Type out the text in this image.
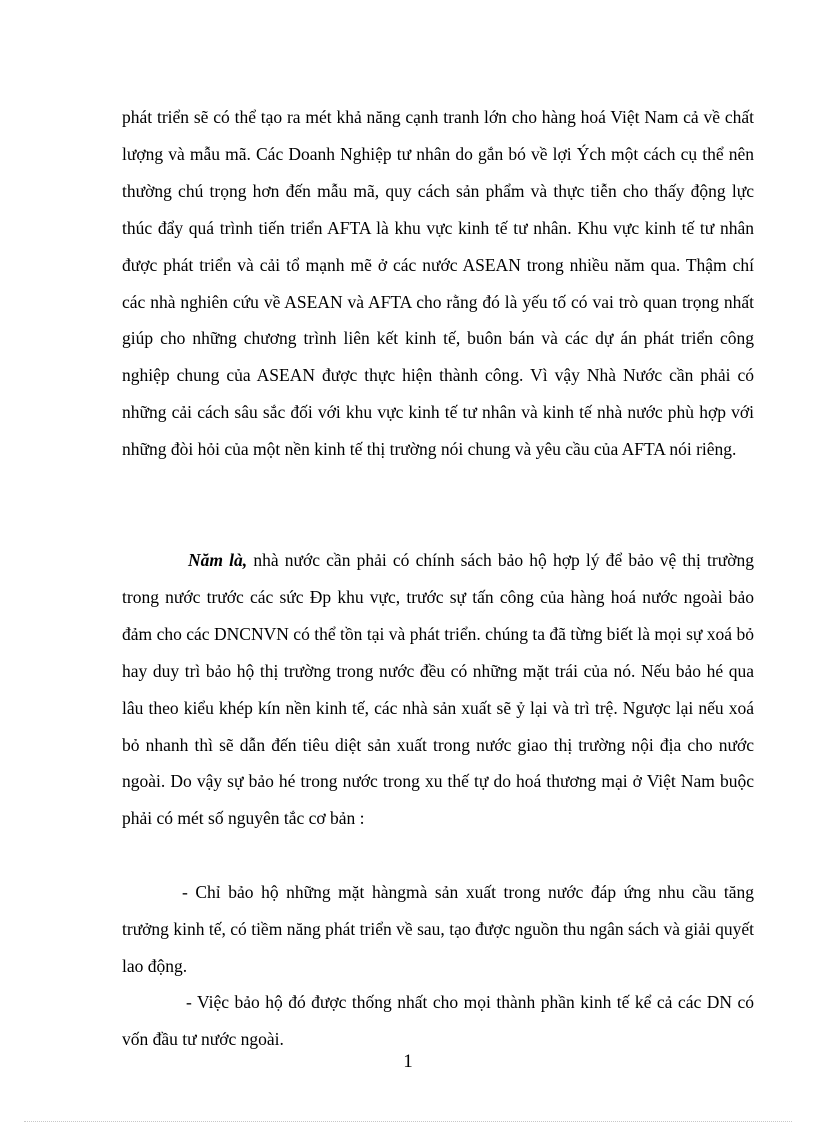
phát triển sẽ có thể tạo ra mét khả năng cạnh tranh lớn cho hàng hoá Việt Nam cả về chất lượng và mẫu mã. Các Doanh Nghiệp tư nhân do gắn bó về lợi Ých một cách cụ thể nên thường chú trọng hơn đến mẫu mã, quy cách sản phẩm và thực tiễn cho thấy động lực thúc đẩy quá trình tiến triển AFTA là khu vực kinh tế tư nhân. Khu vực kinh tế tư nhân được phát triển và cải tổ mạnh mẽ ở các nước ASEAN trong nhiều năm qua. Thậm chí các nhà nghiên cứu về ASEAN và AFTA cho rằng đó là yếu tố có vai trò quan trọng nhất giúp cho những chương trình liên kết kinh tế, buôn bán và các dự án phát triển công nghiệp chung của ASEAN được thực hiện thành công. Vì vậy Nhà Nước cần phải có những cải cách sâu sắc đối với khu vực kinh tế tư nhân và kinh tế nhà nước phù hợp với những đòi hỏi của một nền kinh tế thị trường nói chung và yêu cầu của AFTA nói riêng.

Năm là, nhà nước cần phải có chính sách bảo hộ hợp lý để bảo vệ thị trường trong nước trước các sức Ðp khu vực, trước sự tấn công của hàng hoá nước ngoài bảo đảm cho các DNCNVN có thể tồn tại và phát triển. chúng ta đã từng biết là mọi sự xoá bỏ hay duy trì bảo hộ thị trường trong nước đều có những mặt trái của nó. Nếu bảo hé qua lâu theo kiểu khép kín nền kinh tế, các nhà sản xuất sẽ ỷ lại và trì trệ. Ngược lại nếu xoá bỏ nhanh thì sẽ dẫn đến tiêu diệt sản xuất trong nước giao thị trường nội địa cho nước ngoài. Do vậy sự bảo hé trong nước trong xu thế tự do hoá thương mại ở Việt Nam buộc phải có mét số nguyên tắc cơ bản :

- Chỉ bảo hộ những mặt hàngmà sản xuất trong nước đáp ứng nhu cầu tăng trưởng kinh tế, có tiềm năng phát triển về sau, tạo được nguồn thu ngân sách và giải quyết lao động.

- Việc bảo hộ đó được thống nhất cho mọi thành phần kinh tế kể cả các DN có vốn đầu tư nước ngoài.

1
